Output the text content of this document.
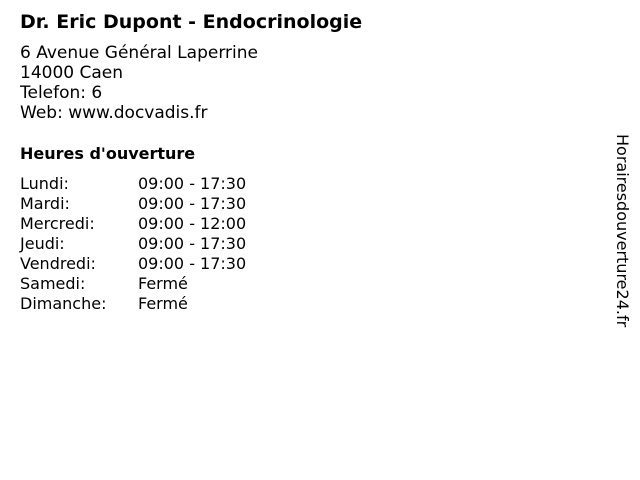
Dr. Eric Dupont - Endocrinologie
6 Avenue Général Laperrine
14000 Caen
Telefon: 6
Web: www.docvadis.fr
Heures d'ouverture
Lundi:	09:00 - 17:30
Mardi:	09:00 - 17:30
Mercredi:	09:00 - 12:00
Jeudi:	09:00 - 17:30
Vendredi:	09:00 - 17:30
Samedi:	Fermé
Dimanche:	Fermé	Horairesdouverture24.fr
